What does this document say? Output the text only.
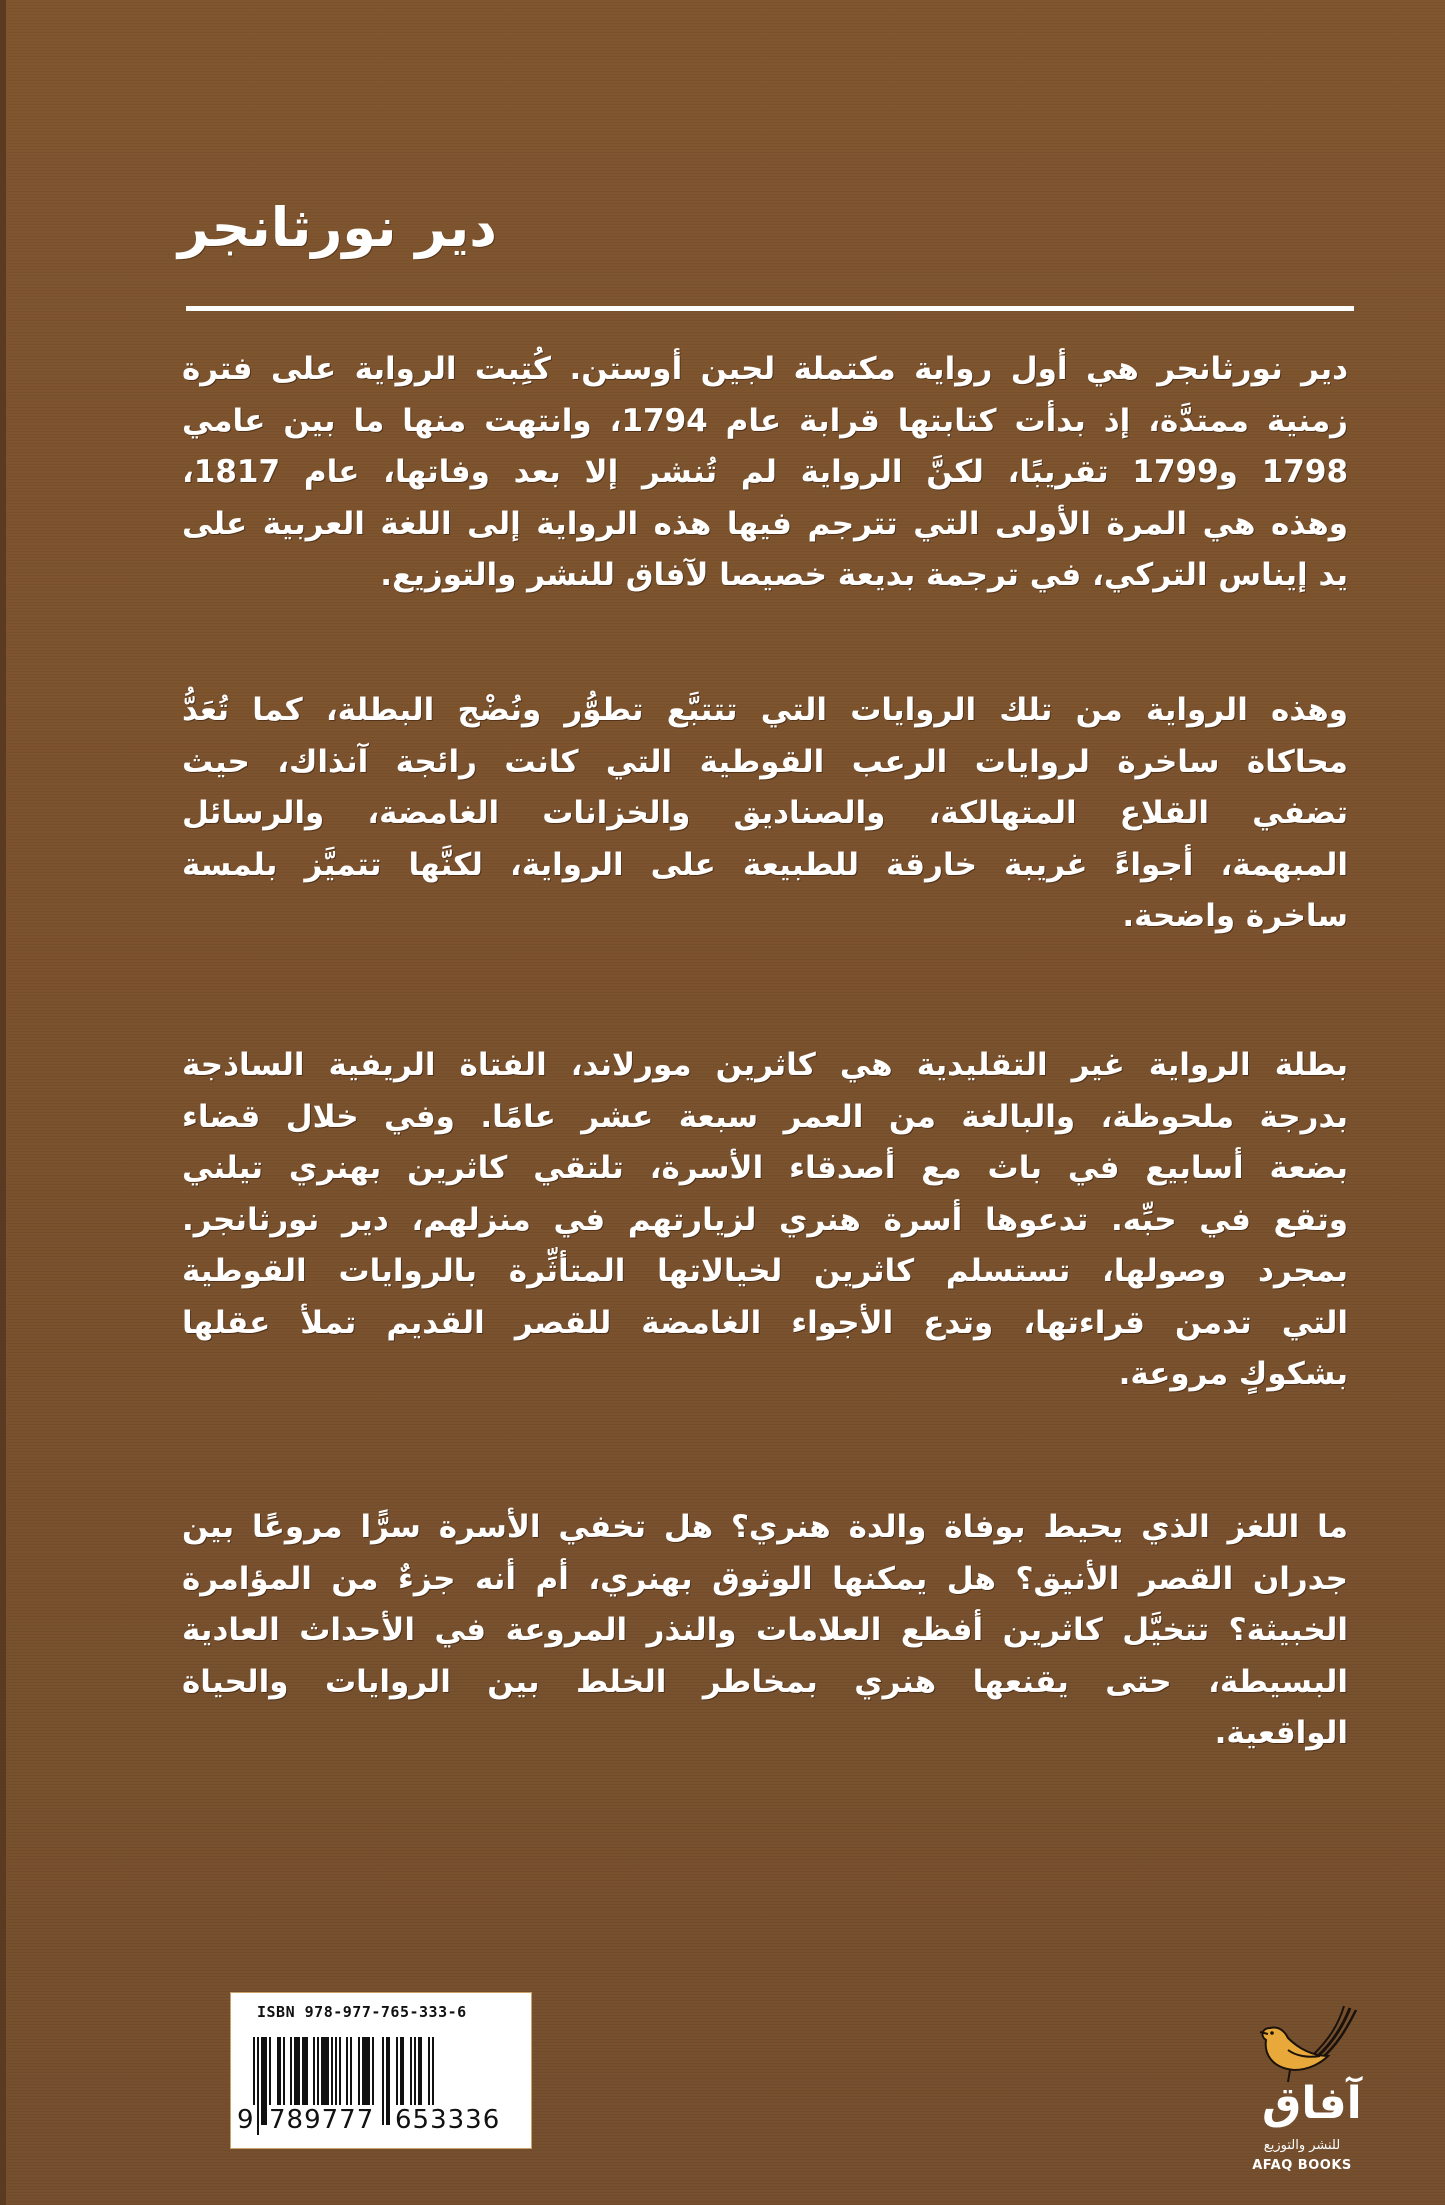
دير نورثانجر
دير نورثانجر هي أول رواية مكتملة لجين أوستن. كُتِبت الرواية على فترة
زمنية ممتدَّة، إذ بدأت كتابتها قرابة عام 1794، وانتهت منها ما بين عامي
1798 و1799 تقريبًا، لكنَّ الرواية لم تُنشر إلا بعد وفاتها، عام 1817،
وهذه هي المرة الأولى التي تترجم فيها هذه الرواية إلى اللغة العربية على
يد إيناس التركي، في ترجمة بديعة خصيصا لآفاق للنشر والتوزيع.
وهذه الرواية من تلك الروايات التي تتتبَّع تطوُّر ونُضْج البطلة، كما تُعَدُّ
محاكاة ساخرة لروايات الرعب القوطية التي كانت رائجة آنذاك، حيث
تضفي القلاع المتهالكة، والصناديق والخزانات الغامضة، والرسائل
المبهمة، أجواءً غريبة خارقة للطبيعة على الرواية، لكنَّها تتميَّز بلمسة
ساخرة واضحة.
بطلة الرواية غير التقليدية هي كاثرين مورلاند، الفتاة الريفية الساذجة
بدرجة ملحوظة، والبالغة من العمر سبعة عشر عامًا. وفي خلال قضاء
بضعة أسابيع في باث مع أصدقاء الأسرة، تلتقي كاثرين بهنري تيلني
وتقع في حبِّه. تدعوها أسرة هنري لزيارتهم في منزلهم، دير نورثانجر.
بمجرد وصولها، تستسلم كاثرين لخيالاتها المتأثِّرة بالروايات القوطية
التي تدمن قراءتها، وتدع الأجواء الغامضة للقصر القديم تملأ عقلها
بشكوكٍ مروعة.
ما اللغز الذي يحيط بوفاة والدة هنري؟ هل تخفي الأسرة سرًّا مروعًا بين
جدران القصر الأنيق؟ هل يمكنها الوثوق بهنري، أم أنه جزءٌ من المؤامرة
الخبيثة؟ تتخيَّل كاثرين أفظع العلامات والنذر المروعة في الأحداث العادية
البسيطة، حتى يقنعها هنري بمخاطر الخلط بين الروايات والحياة
الواقعية.
ISBN 978-977-765-333-6
9 789777 653336	آفاق
للنشر والتوزيع
AFAQ BOOKS
